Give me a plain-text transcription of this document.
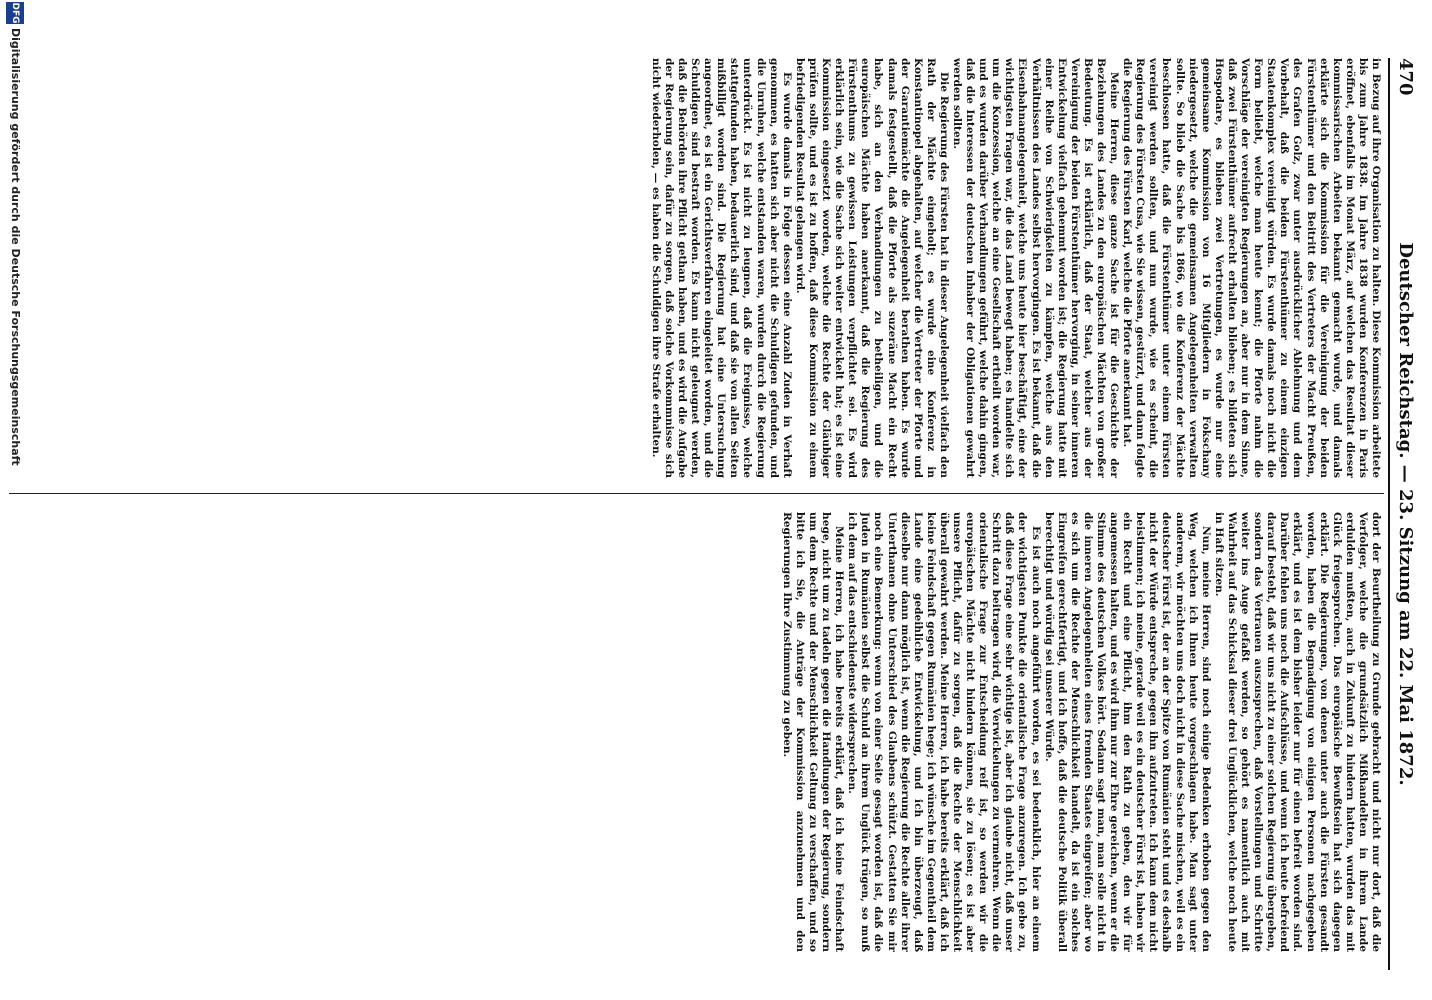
470
Deutscher Reichstag. — 23. Sitzung am 22. Mai 1872.

in Bezug auf ihre Organisation zu halten. Diese Kommission arbeitete bis zum Jahre 1838. Im Jahre 1838 wurden Konferenzen in Paris eröffnet, ebenfalls im Monat März, auf welchen das Resultat dieser kommissarischen Arbeiten bekannt gemacht wurde, und damals erklärte sich die Kommission für die Vereinigung der beiden Fürstenthümer und den Beitritt des Vertreters der Macht Preußen, des Grafen Golz, zwar unter ausdrücklicher Ablehnung und dem Vorbehalt, daß die beiden Fürstenthümer zu einem einzigen Staatenkomplex vereinigt würden. Es wurde damals noch nicht die Form beliebt, welche man heute kennt; die Pforte nahm die Vorschläge der vereinigten Regierungen an, aber nur in dem Sinne, daß zwei Fürstenthümer aufrecht erhalten blieben; es bildeten sich Hospodare, es blieben zwei Vertretungen, es wurde nur eine gemeinsame Kommission von 16 Mitgliedern in Fokschany niedergesetzt, welche die gemeinsamen Angelegenheiten verwalten sollte. So blieb die Sache bis 1866, wo die Konferenz der Mächte beschlossen hatte, daß die Fürstenthümer unter einem Fürsten vereinigt werden sollten, und nun wurde, wie es scheint, die Regierung des Fürsten Cusa, wie Sie wissen, gestürzt, und dann folgte die Regierung des Fürsten Karl, welche die Pforte anerkannt hat.

Meine Herren, diese ganze Sache ist für die Geschichte der Beziehungen des Landes zu den europäischen Mächten von großer Bedeutung. Es ist erklärlich, daß der Staat, welcher aus der Vereinigung der beiden Fürstenthümer hervorging, in seiner inneren Entwickelung vielfach gehemmt worden ist; die Regierung hatte mit einer Reihe von Schwierigkeiten zu kämpfen, welche aus den Verhältnissen des Landes selbst hervorgingen. Es ist bekannt, daß die Eisenbahnangelegenheit, welche uns heute hier beschäftigt, eine der wichtigsten Fragen war, die das Land bewegt haben; es handelte sich um die Konzession, welche an eine Gesellschaft ertheilt worden war, und es wurden darüber Verhandlungen geführt, welche dahin gingen, daß die Interessen der deutschen Inhaber der Obligationen gewahrt werden sollten.

Die Regierung des Fürsten hat in dieser Angelegenheit vielfach den Rath der Mächte eingeholt; es wurde eine Konferenz in Konstantinopel abgehalten, auf welcher die Vertreter der Pforte und der Garantiemächte die Angelegenheit berathen haben. Es wurde damals festgestellt, daß die Pforte als suzeräne Macht ein Recht habe, sich an den Verhandlungen zu betheiligen, und die europäischen Mächte haben anerkannt, daß die Regierung des Fürstenthums zu gewissen Leistungen verpflichtet sei. Es wird erklärlich sein, wie die Sache sich weiter entwickelt hat; es ist eine Kommission eingesetzt worden, welche die Rechte der Gläubiger prüfen sollte, und es ist zu hoffen, daß diese Kommission zu einem befriedigenden Resultat gelangen wird.

Es wurde damals in Folge dessen eine Anzahl Zuden in Verhaft genommen, es hatten sich aber nicht die Schuldigen gefunden, und die Unruhen, welche entstanden waren, wurden durch die Regierung unterdrückt. Es ist nicht zu leugnen, daß die Ereignisse, welche stattgefunden haben, bedauerlich sind, und daß sie von allen Seiten mißbilligt worden sind. Die Regierung hat eine Untersuchung angeordnet, es ist ein Gerichtsverfahren eingeleitet worden, und die Schuldigen sind bestraft worden. Es kann nicht geleugnet werden, daß die Behörden ihre Pflicht gethan haben, und es wird die Aufgabe der Regierung sein, dafür zu sorgen, daß solche Vorkommnisse sich nicht wiederholen, — es haben die Schuldigen ihre Strafe erhalten.

dort der Beurtheilung zu Grunde gebracht und nicht nur dort, daß die Verfolger, welche die grundsätzlich Mißhandelten in ihrem Lande erdulden mußten, auch in Zukunft zu hindern hatten, wurden das mit Glück freigesprochen. Das europäische Bewußtsein hat sich dagegen erklärt. Die Regierungen, von denen unter auch die Fürsten gesandt worden, haben die Begnadigung von einigen Personen nachgegeben erklärt, und es ist dem bisher leider nur für einen befreit worden sind. Darüber fehlen uns noch die Aufschlüsse, und wenn ich heute befreiend darauf besteht, daß wir uns nicht zu einer solchen Regierung übergeben, sondern das Vertrauen auszusprechen, daß Vorstellungen und Schritte weiter ins Auge gefaßt werden, so gehört es namentlich auch mit Wahrheit auf das Schicksal dieser drei Unglücklichen, welche noch heute in Haft sitzen.

Nun, meine Herren, sind noch einige Bedenken erhoben gegen den Weg, welchen ich Ihnen heute vorgeschlagen habe. Man sagt unter anderem, wir möchten uns doch nicht in diese Sache mischen, weil es ein deutscher Fürst ist, der an der Spitze von Rumänien steht und es deshalb nicht der Würde entspreche, gegen ihn aufzutreten. Ich kann dem nicht beistimmen; ich meine, gerade weil es ein deutscher Fürst ist, haben wir ein Recht und eine Pflicht, ihm den Rath zu geben, den wir für angemessen halten, und es wird ihm nur zur Ehre gereichen, wenn er die Stimme des deutschen Volkes hört. Sodann sagt man, man solle nicht in die inneren Angelegenheiten eines fremden Staates eingreifen; aber wo es sich um die Rechte der Menschlichkeit handelt, da ist ein solches Eingreifen gerechtfertigt, und ich hoffe, daß die deutsche Politik überall berechtigt und würdig sei unserer Würde.

Es ist auch noch angeführt worden, es sei bedenklich, hier an einem der wichtigsten Punkte die orientalische Frage anzuregen. Ich gebe zu, daß diese Frage eine sehr wichtige ist, aber ich glaube nicht, daß unser Schritt dazu beitragen wird, die Verwickelungen zu vermehren. Wenn die orientalische Frage zur Entscheidung reif ist, so werden wir die europäischen Mächte nicht hindern können, sie zu lösen; es ist aber unsere Pflicht, dafür zu sorgen, daß die Rechte der Menschlichkeit überall gewahrt werden. Meine Herren, ich habe bereits erklärt, daß ich keine Feindschaft gegen Rumänien hege; ich wünsche im Gegentheil dem Lande eine gedeihliche Entwickelung, und ich bin überzeugt, daß dieselbe nur dann möglich ist, wenn die Regierung die Rechte aller ihrer Unterthanen ohne Unterschied des Glaubens schützt. Gestatten Sie mir noch eine Bemerkung: wenn von einer Seite gesagt worden ist, daß die Juden in Rumänien selbst die Schuld an ihrem Unglück trügen, so muß ich dem auf das entschiedenste widersprechen.

Meine Herren, ich habe bereits erklärt, daß ich keine Feindschaft hege, nicht um zu tadeln gegen die Handlungen der Regierung, sondern um dem Rechte und der Menschlichkeit Geltung zu verschaffen, und so bitte ich Sie, die Anträge der Kommission anzunehmen und den Regierungen Ihre Zustimmung zu geben.

DFG
Digitalisierung gefördert durch die Deutsche Forschungsgemeinschaft
